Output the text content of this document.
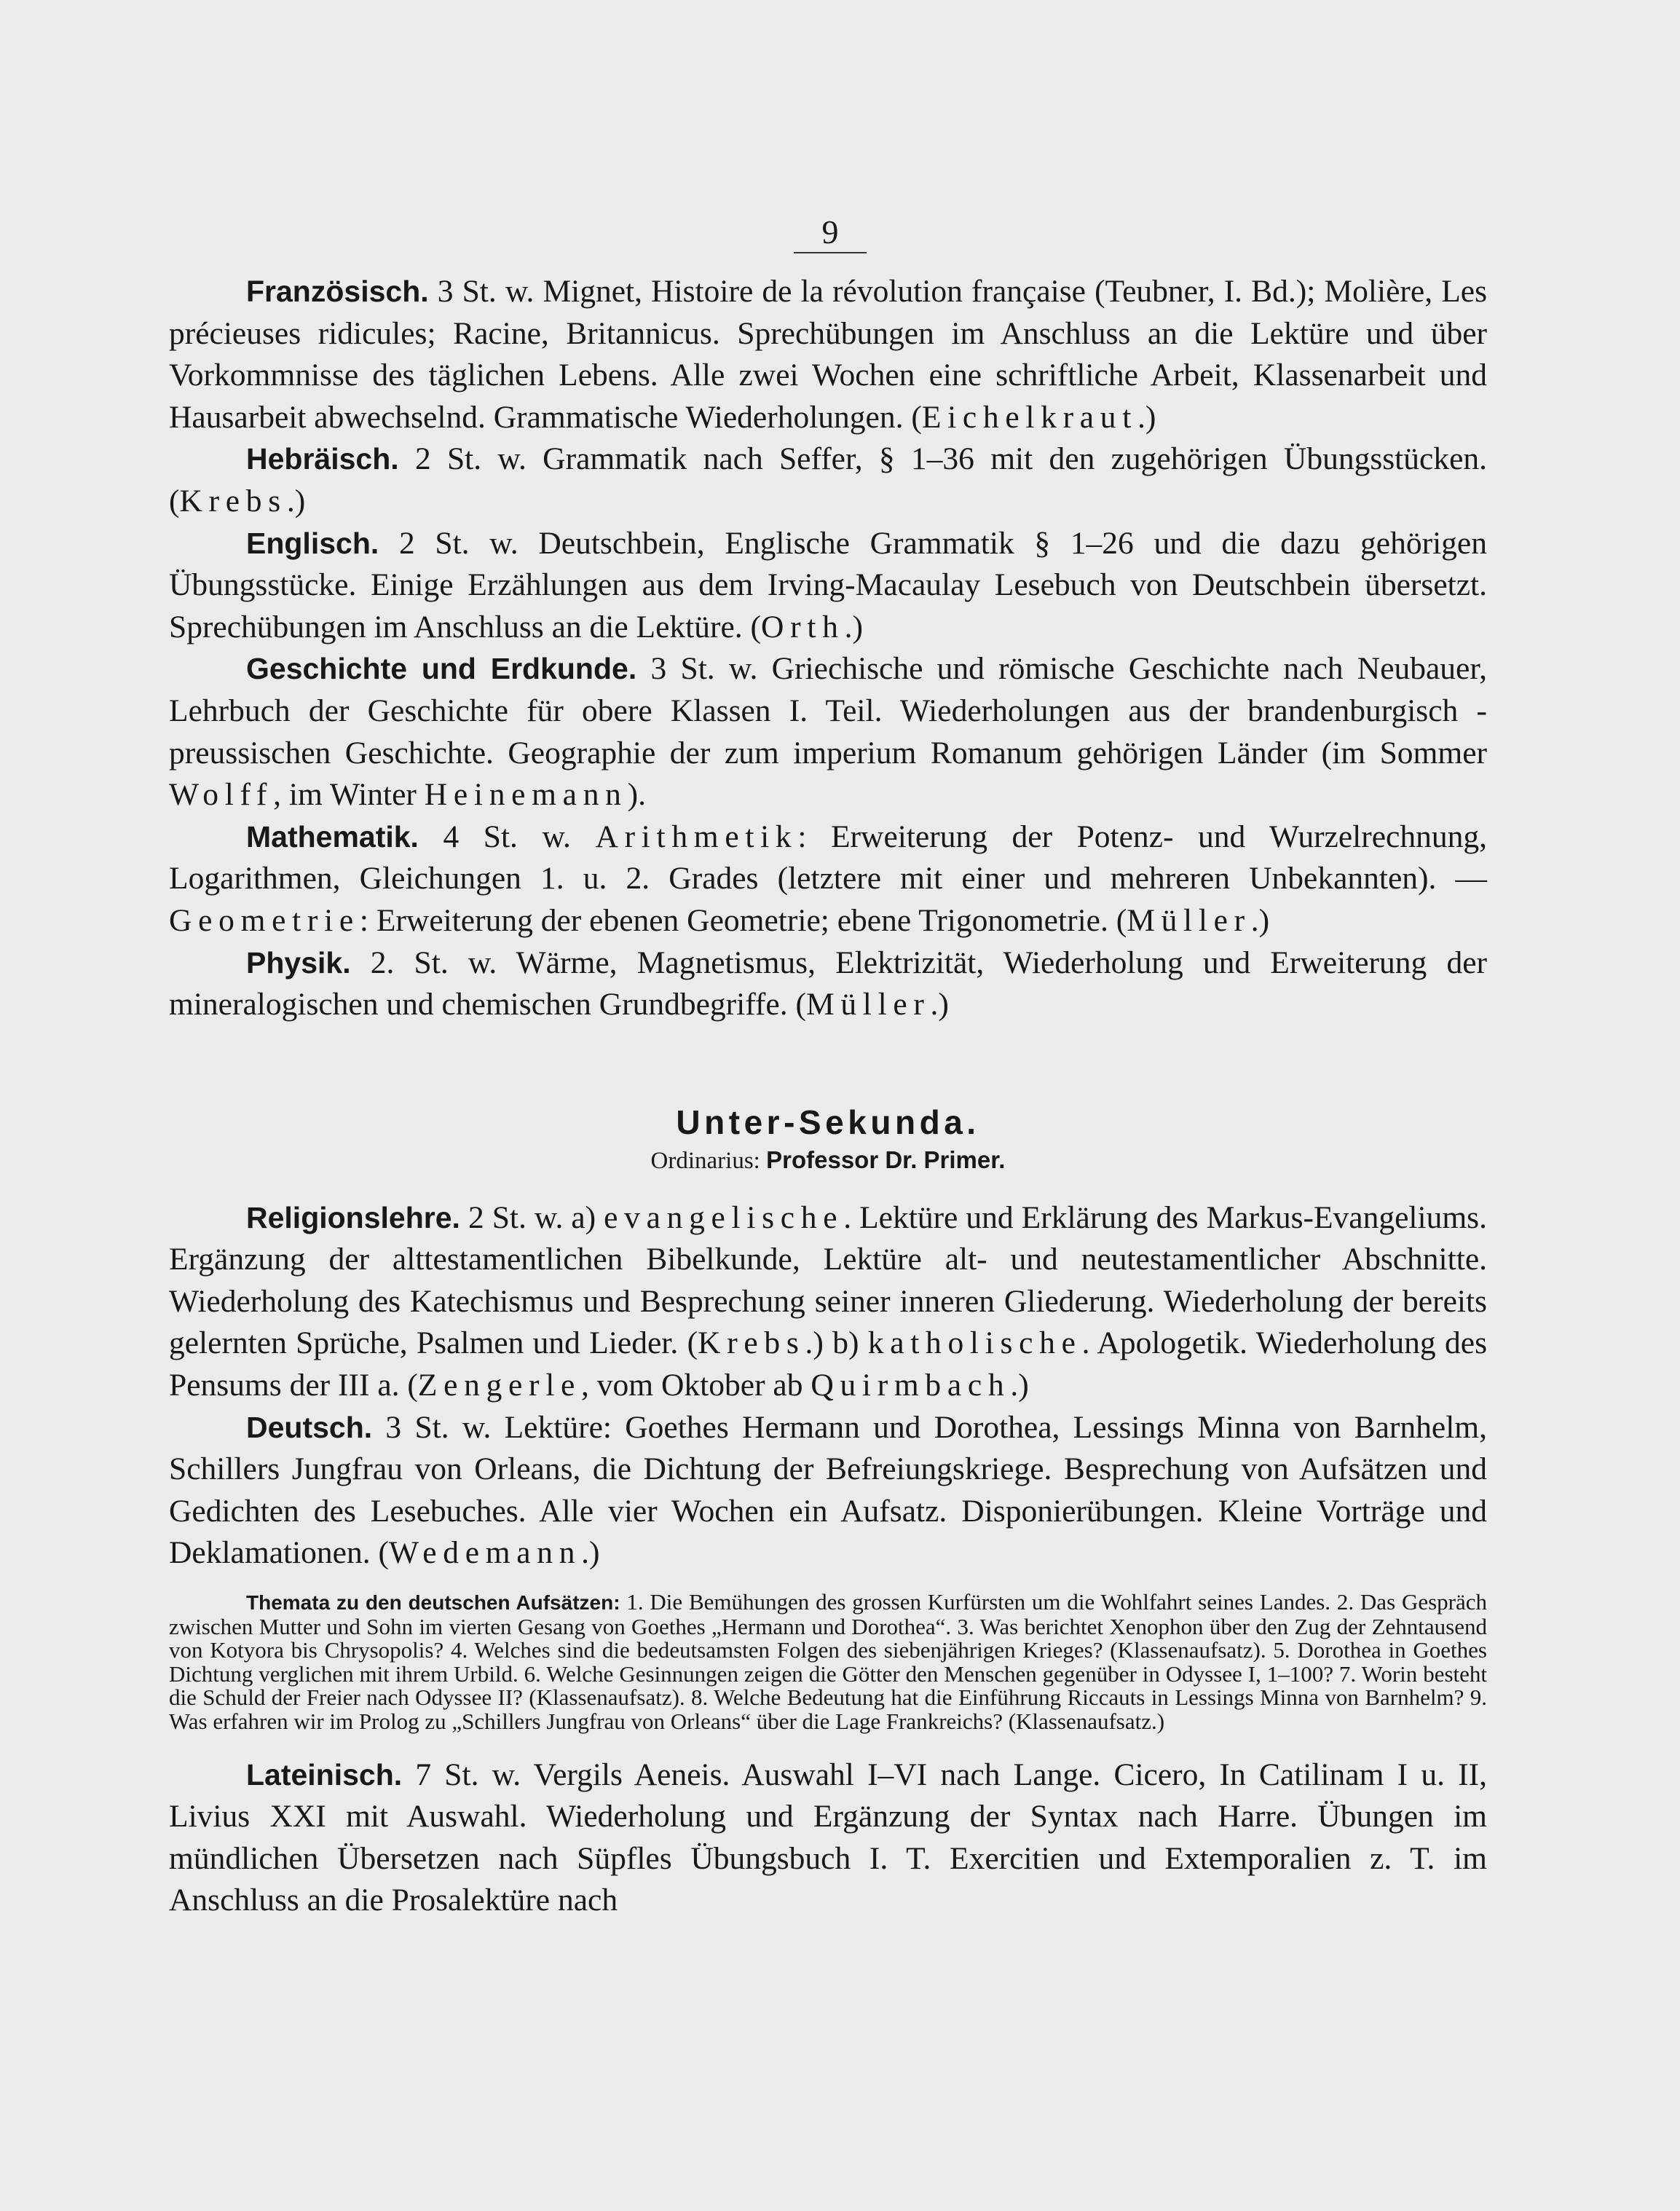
9

Französisch. 3 St. w. Mignet, Histoire de la révolution française (Teubner, I. Bd.); Molière, Les précieuses ridicules; Racine, Britannicus. Sprechübungen im Anschluss an die Lektüre und über Vorkommnisse des täglichen Lebens. Alle zwei Wochen eine schriftliche Arbeit, Klassenarbeit und Hausarbeit abwechselnd. Grammatische Wiederholungen. (Eichelkraut.)

Hebräisch. 2 St. w. Grammatik nach Seffer, § 1–36 mit den zugehörigen Übungsstücken. (Krebs.)

Englisch. 2 St. w. Deutschbein, Englische Grammatik § 1–26 und die dazu gehörigen Übungsstücke. Einige Erzählungen aus dem Irving-Macaulay Lesebuch von Deutschbein übersetzt. Sprechübungen im Anschluss an die Lektüre. (Orth.)

Geschichte und Erdkunde. 3 St. w. Griechische und römische Geschichte nach Neubauer, Lehrbuch der Geschichte für obere Klassen I. Teil. Wiederholungen aus der brandenburgisch - preussischen Geschichte. Geographie der zum imperium Romanum gehörigen Länder (im Sommer Wolff, im Winter Heinemann).

Mathematik. 4 St. w. Arithmetik: Erweiterung der Potenz- und Wurzelrechnung, Logarithmen, Gleichungen 1. u. 2. Grades (letztere mit einer und mehreren Unbekannten). — Geometrie: Erweiterung der ebenen Geometrie; ebene Trigonometrie. (Müller.)

Physik. 2. St. w. Wärme, Magnetismus, Elektrizität, Wiederholung und Erweiterung der mineralogischen und chemischen Grundbegriffe. (Müller.)

Unter-Sekunda.
Ordinarius: Professor Dr. Primer.

Religionslehre. 2 St. w. a) evangelische. Lektüre und Erklärung des Markus-Evangeliums. Ergänzung der alttestamentlichen Bibelkunde, Lektüre alt- und neutestamentlicher Abschnitte. Wiederholung des Katechismus und Besprechung seiner inneren Gliederung. Wiederholung der bereits gelernten Sprüche, Psalmen und Lieder. (Krebs.) b) katholische. Apologetik. Wiederholung des Pensums der III a. (Zengerle, vom Oktober ab Quirmbach.)

Deutsch. 3 St. w. Lektüre: Goethes Hermann und Dorothea, Lessings Minna von Barnhelm, Schillers Jungfrau von Orleans, die Dichtung der Befreiungskriege. Besprechung von Aufsätzen und Gedichten des Lesebuches. Alle vier Wochen ein Aufsatz. Disponierübungen. Kleine Vorträge und Deklamationen. (Wedemann.)

Themata zu den deutschen Aufsätzen: 1. Die Bemühungen des grossen Kurfürsten um die Wohlfahrt seines Landes. 2. Das Gespräch zwischen Mutter und Sohn im vierten Gesang von Goethes „Hermann und Dorothea“. 3. Was berichtet Xenophon über den Zug der Zehntausend von Kotyora bis Chrysopolis? 4. Welches sind die bedeutsamsten Folgen des siebenjährigen Krieges? (Klassenaufsatz). 5. Dorothea in Goethes Dichtung verglichen mit ihrem Urbild. 6. Welche Gesinnungen zeigen die Götter den Menschen gegenüber in Odyssee I, 1–100? 7. Worin besteht die Schuld der Freier nach Odyssee II? (Klassenaufsatz). 8. Welche Bedeutung hat die Einführung Riccauts in Lessings Minna von Barnhelm? 9. Was erfahren wir im Prolog zu „Schillers Jungfrau von Orleans“ über die Lage Frankreichs? (Klassenaufsatz.)

Lateinisch. 7 St. w. Vergils Aeneis. Auswahl I–VI nach Lange. Cicero, In Catilinam I u. II, Livius XXI mit Auswahl. Wiederholung und Ergänzung der Syntax nach Harre. Übungen im mündlichen Übersetzen nach Süpfles Übungsbuch I. T. Exercitien und Extemporalien z. T. im Anschluss an die Prosalektüre nach
